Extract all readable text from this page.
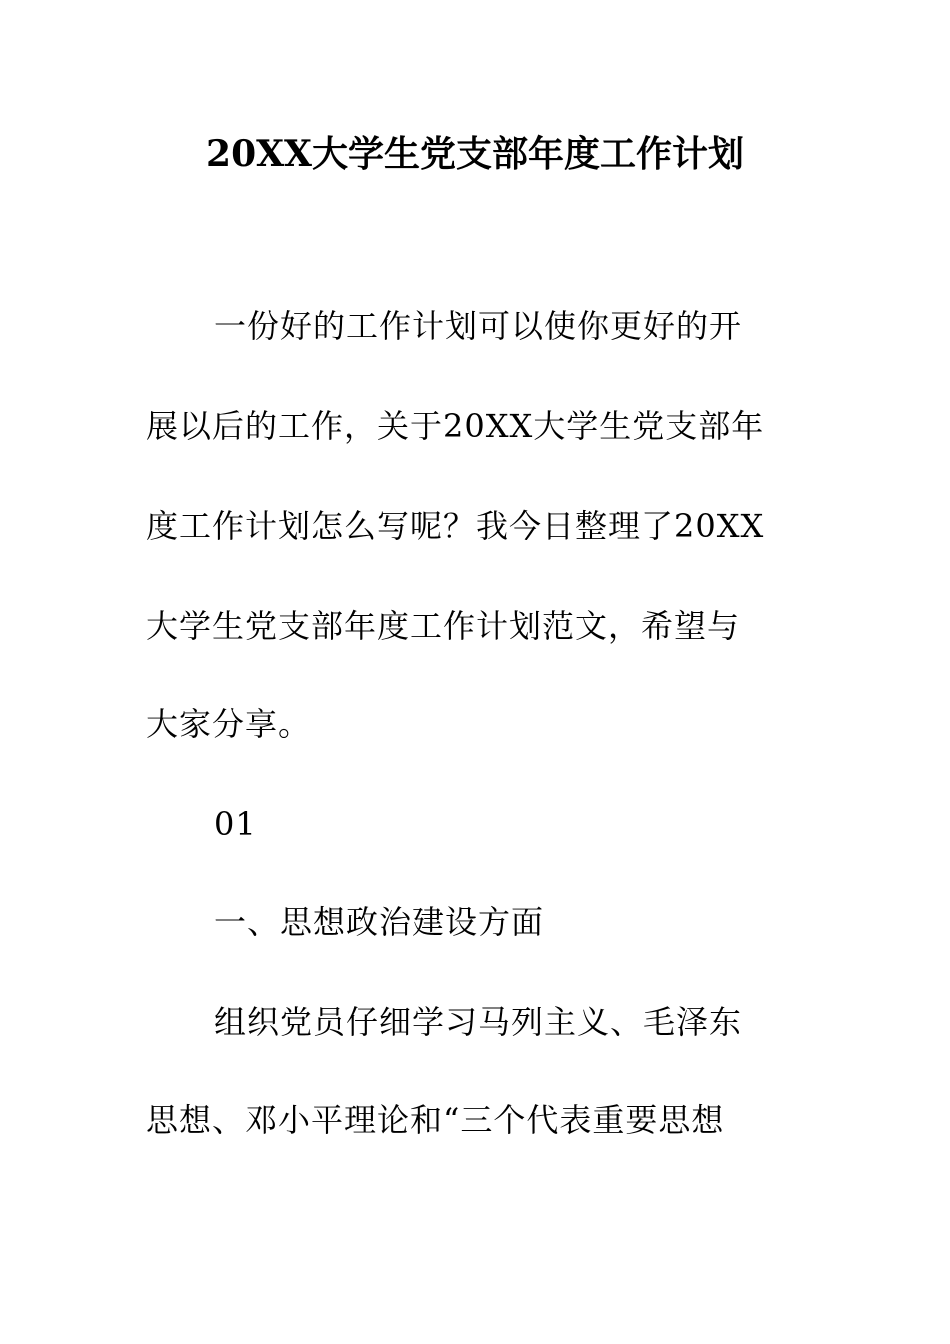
20XX大学生党支部年度工作计划
一份好的工作计划可以使你更好的开
展以后的工作，关于20XX大学生党支部年
度工作计划怎么写呢？我今日整理了20XX
大学生党支部年度工作计划范文，希望与
大家分享。
01
一、思想政治建设方面
组织党员仔细学习马列主义、毛泽东
思想、邓小平理论和“三个代表重要思想
